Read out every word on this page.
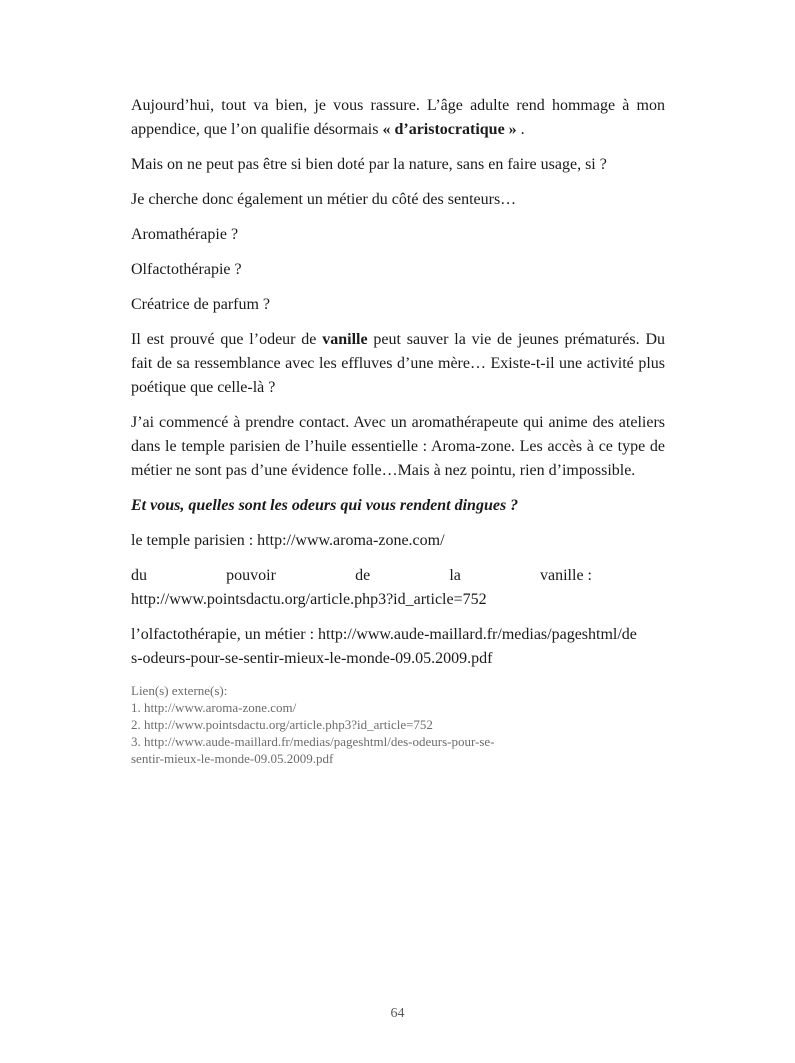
Aujourd’hui, tout va bien, je vous rassure. L’âge adulte rend hommage à mon appendice, que l’on qualifie désormais « d’aristocratique » .

Mais on ne peut pas être si bien doté par la nature, sans en faire usage, si ?

Je cherche donc également un métier du côté des senteurs…

Aromathérapie ?

Olfactothérapie ?

Créatrice de parfum ?

Il est prouvé que l’odeur de vanille peut sauver la vie de jeunes prématurés. Du fait de sa ressemblance avec les effluves d’une mère… Existe-t-il une activité plus poétique que celle-là ?

J’ai commencé à prendre contact. Avec un aromathérapeute qui anime des ateliers dans le temple parisien de l’huile essentielle : Aroma-zone. Les accès à ce type de métier ne sont pas d’une évidence folle…Mais à nez pointu, rien d’impossible.

Et vous, quelles sont les odeurs qui vous rendent dingues ?

le temple parisien : http://www.aroma-zone.com/

du	pouvoir	de	la	vanille :
http://www.pointsdactu.org/article.php3?id_article=752
l’olfactothérapie, un métier : http://www.aude-maillard.fr/medias/pageshtml/de
s-odeurs-pour-se-sentir-mieux-le-monde-09.05.2009.pdf
Lien(s) externe(s):
1. http://www.aroma-zone.com/
2. http://www.pointsdactu.org/article.php3?id_article=752
3. http://www.aude-maillard.fr/medias/pageshtml/des-odeurs-pour-se-
sentir-mieux-le-monde-09.05.2009.pdf
64
